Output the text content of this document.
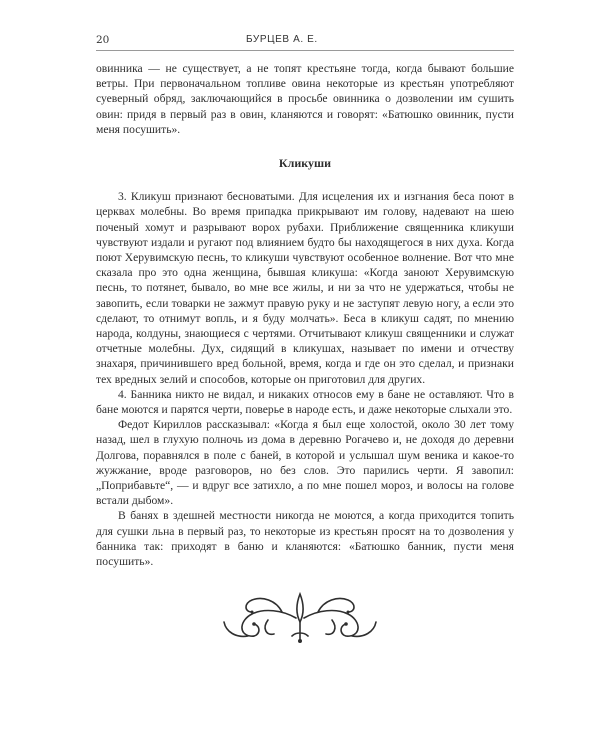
20	БУРЦЕВ А. Е.

овинника — не существует, а не топят крестьяне тогда, когда бывают большие ветры. При первоначальном топливе овина некоторые из крестьян употребляют суеверный обряд, заключающийся в просьбе овинника о дозволении им сушить овин: придя в первый раз в овин, кланяются и говорят: «Батюшко овинник, пусти меня посушить».

Кликуши

3. Кликуш признают бесноватыми. Для исцеления их и изгнания беса поют в церквах молебны. Во время припадка прикрывают им голову, надевают на шею поченый хомут и разрывают ворох рубахи. Приближение священника кликуши чувствуют издали и ругают под влиянием будто бы находящегося в них духа. Когда поют Херувимскую песнь, то кликуши чувствуют особенное волнение. Вот что мне сказала про это одна женщина, бывшая кликуша: «Когда заноют Херувимскую песнь, то потянет, бывало, во мне все жилы, и ни за что не удержаться, чтобы не завопить, если товарки не зажмут правую руку и не заступят левую ногу, а если это сделают, то отнимут вопль, и я буду молчать». Беса в кликуш садят, по мнению народа, колдуны, знающиеся с чертями. Отчитывают кликуш священники и служат отчетные молебны. Дух, сидящий в кликушах, называет по имени и отчеству знахаря, причинившего вред больной, время, когда и где он это сделал, и признаки тех вредных зелий и способов, которые он приготовил для других.

4. Банника никто не видал, и никаких относов ему в бане не оставляют. Что в бане моются и парятся черти, поверье в народе есть, и даже некоторые слыхали это.

Федот Кириллов рассказывал: «Когда я был еще холостой, около 30 лет тому назад, шел в глухую полночь из дома в деревню Рогачево и, не доходя до деревни Долгова, поравнялся в поле с баней, в которой и услышал шум веника и какое-то жужжание, вроде разговоров, но без слов. Это парились черти. Я завопил: „Поприбавьте“, — и вдруг все затихло, а по мне пошел мороз, и волосы на голове встали дыбом».

В банях в здешней местности никогда не моются, а когда приходится топить для сушки льна в первый раз, то некоторые из крестьян просят на то дозволения у банника так: приходят в баню и кланяются: «Батюшко банник, пусти меня посушить».
